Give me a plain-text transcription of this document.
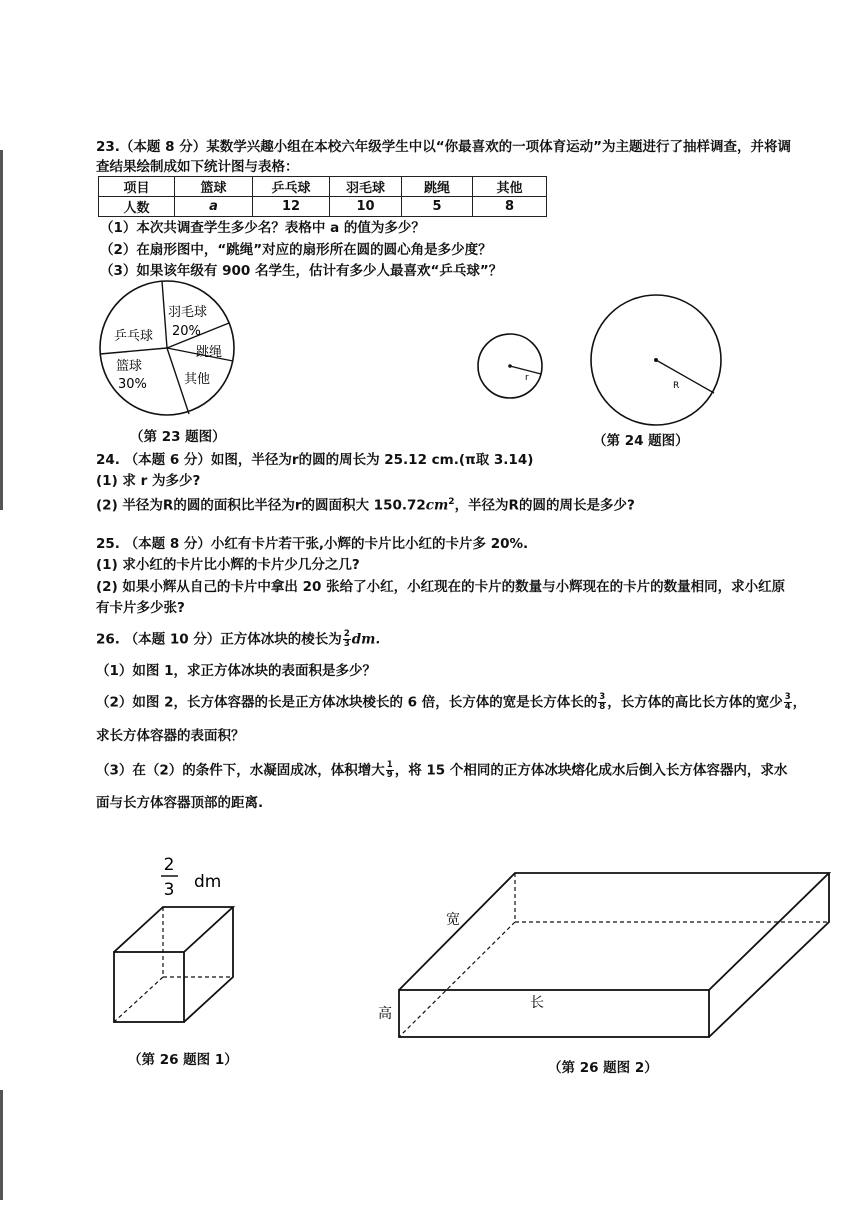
23.（本题 8 分）某数学兴趣小组在本校六年级学生中以“你最喜欢的一项体育运动”为主题进行了抽样调查，并将调
查结果绘制成如下统计图与表格：
项目	篮球	乒乓球	羽毛球	跳绳	其他
人数	a	12	10	5	8
（1）本次共调查学生多少名？表格中 a 的值为多少？
（2）在扇形图中，“跳绳”对应的扇形所在圆的圆心角是多少度？
（3）如果该年级有 900 名学生，估计有多少人最喜欢“乒乓球”？
羽毛球
20%
乒乓球
跳绳
篮球
30%	其他
（第 23 题图）
r
R
（第 24 题图）
24. （本题 6 分）如图，半径为r的圆的周长为 25.12 cm.(π取 3.14)
(1) 求 r 为多少?
(2) 半径为R的圆的面积比半径为r的圆面积大 $150.72cm^2$，半径为R的圆的周长是多少?
25. （本题 8 分）小红有卡片若干张,小辉的卡片比小红的卡片多 20%.
(1) 求小红的卡片比小辉的卡片少几分之几?
(2) 如果小辉从自己的卡片中拿出 20 张给了小红，小红现在的卡片的数量与小辉现在的卡片的数量相同，求小红原
有卡片多少张?
26. （本题 10 分）正方体冰块的棱长为 $\frac{2}{3}$ dm.
（1）如图 1，求正方体冰块的表面积是多少？
（2）如图 2，长方体容器的长是正方体冰块棱长的 6 倍，长方体的宽是长方体长的 $\frac{3}{8}$ ，长方体的高比长方体的宽少 $\frac{3}{4}$ ，
求长方体容器的表面积？
（3）在（2）的条件下，水凝固成冰，体积增大 $\frac{1}{9}$ ，将 15 个相同的正方体冰块熔化成水后倒入长方体容器内，求水
面与长方体容器顶部的距离.
2
3 dm
（第 26 题图 1）
宽
长
高
（第 26 题图 2）
